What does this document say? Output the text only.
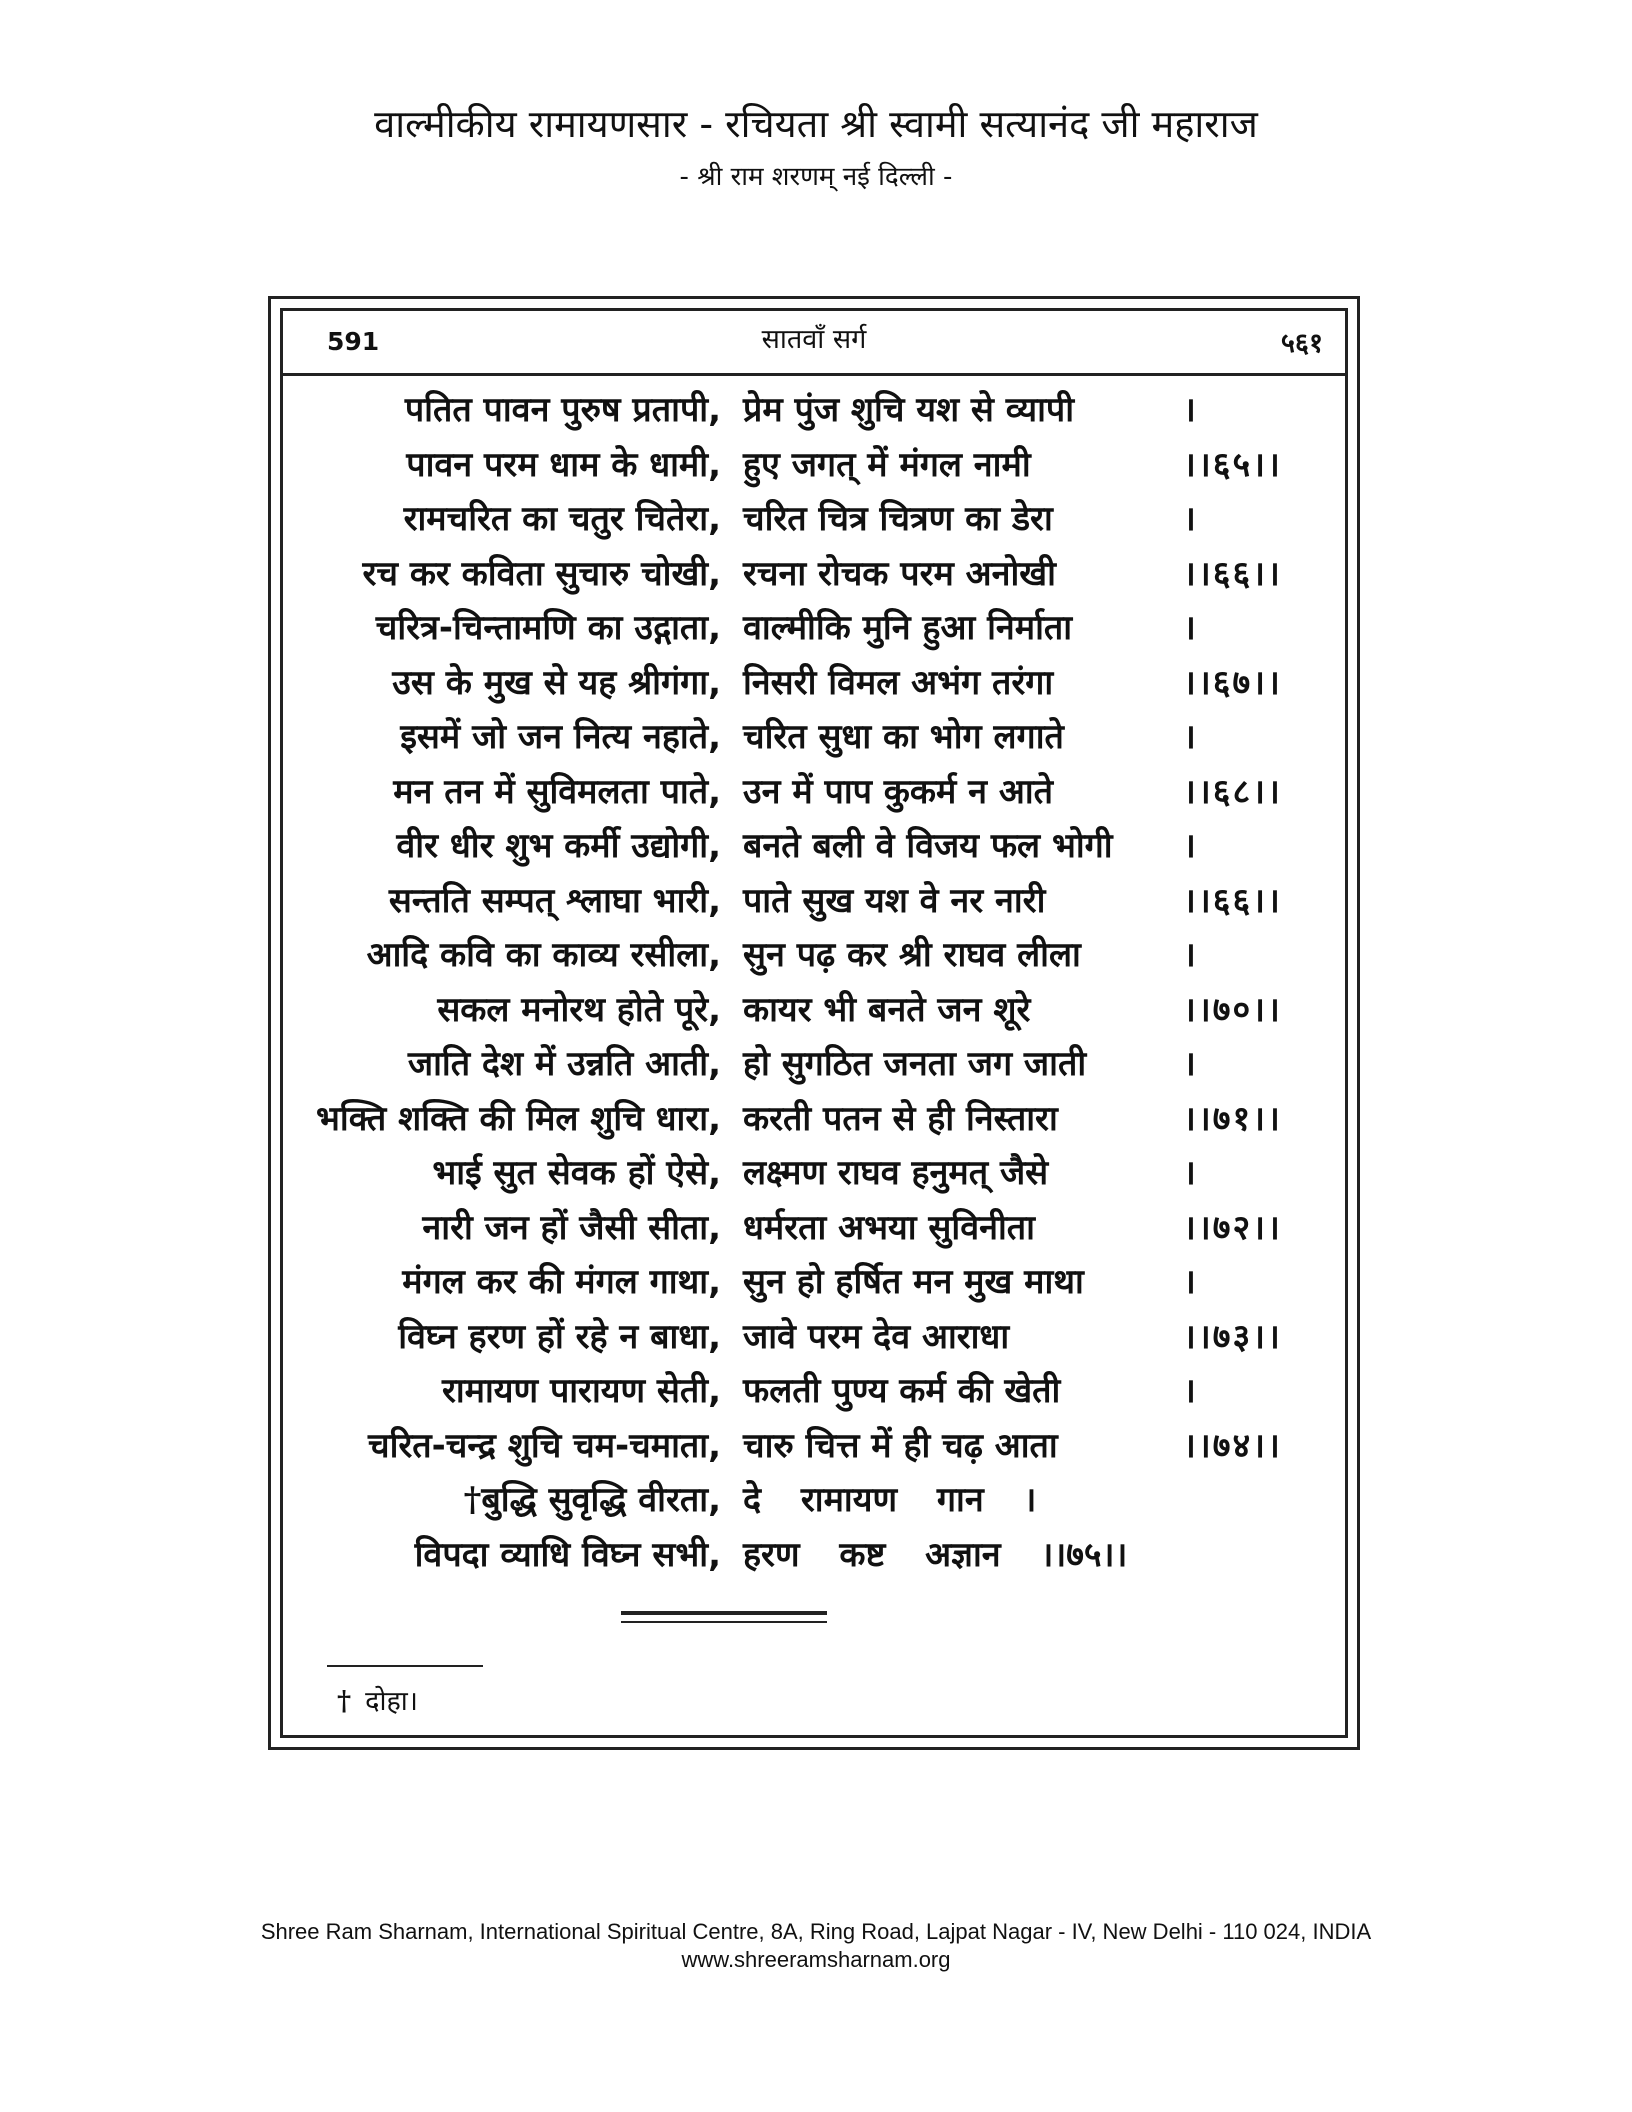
वाल्मीकीय रामायणसार - रचियता श्री स्वामी सत्यानंद जी महाराज
- श्री राम शरणम् नई दिल्ली -
591	सातवाँ सर्ग	५६१
पतित पावन पुरुष प्रतापी, प्रेम पुंज शुचि यश से व्यापी	।
पावन परम धाम के धामी, हुए जगत् में मंगल नामी	।।६५।।
रामचरित का चतुर चितेरा, चरित चित्र चित्रण का डेरा	।
रच कर कविता सुचारु चोखी, रचना रोचक परम अनोखी	।।६६।।
चरित्र-चिन्तामणि का उद्गाता, वाल्मीकि मुनि हुआ निर्माता	।
उस के मुख से यह श्रीगंगा, निसरी विमल अभंग तरंगा	।।६७।।
इसमें जो जन नित्य नहाते, चरित सुधा का भोग लगाते	।
मन तन में सुविमलता पाते, उन में पाप कुकर्म न आते	।।६८।।
वीर धीर शुभ कर्मी उद्योगी, बनते बली वे विजय फल भोगी ।
सन्तति सम्पत् श्लाघा भारी, पाते सुख यश वे नर नारी	।।६६।।
आदि कवि का काव्य रसीला, सुन पढ़ कर श्री राघव लीला	।
सकल मनोरथ होते पूरे, कायर भी बनते जन शूरे	।।७०।।
जाति देश में उन्नति आती, हो सुगठित जनता जग जाती	।
भक्ति शक्ति की मिल शुचि धारा, करती पतन से ही निस्तारा	।।७१।।
भाई सुत सेवक हों ऐसे, लक्ष्मण राघव हनुमत् जैसे	।
नारी जन हों जैसी सीता, धर्मरता अभया सुविनीता	।।७२।।
मंगल कर की मंगल गाथा, सुन हो हर्षित मन मुख माथा	।
विघ्न हरण हों रहे न बाधा, जावे परम देव आराधा	।।७३।।
रामायण पारायण सेती, फलती पुण्य कर्म की खेती	।
चरित-चन्द्र शुचि चम-चमाता, चारु चित्त में ही चढ़ आता	।।७४।।
†बुद्धि सुवृद्धि वीरता, दे रामायण गान ।
विपदा व्याधि विघ्न सभी, हरण कष्ट अज्ञान ।।७५।।
† दोहा।
Shree Ram Sharnam, International Spiritual Centre, 8A, Ring Road, Lajpat Nagar - IV, New Delhi - 110 024, INDIA
www.shreeramsharnam.org
